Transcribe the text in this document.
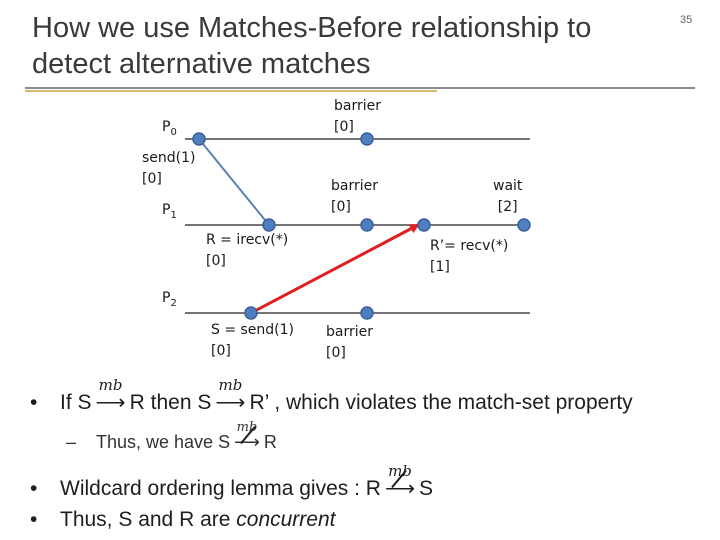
How we use Matches-Before relationship to detect alternative matches
35
$P_0$
$P_1$
$P_2$
send(1)
[0]
barrier
[0]
R = irecv(*)
[0]
barrier
[0]
wait
[2]
R’= recv(*)
[1]
S = send(1)
[0]
barrier
[0]
•	If S
mb
⟶ R then S
mb
⟶ R’ , which violates the match-set property
–	Thus, we have S
mb
⟶ R
•	Wildcard ordering lemma gives : R
mb
⟶ S
•	Thus, S and R are concurrent
